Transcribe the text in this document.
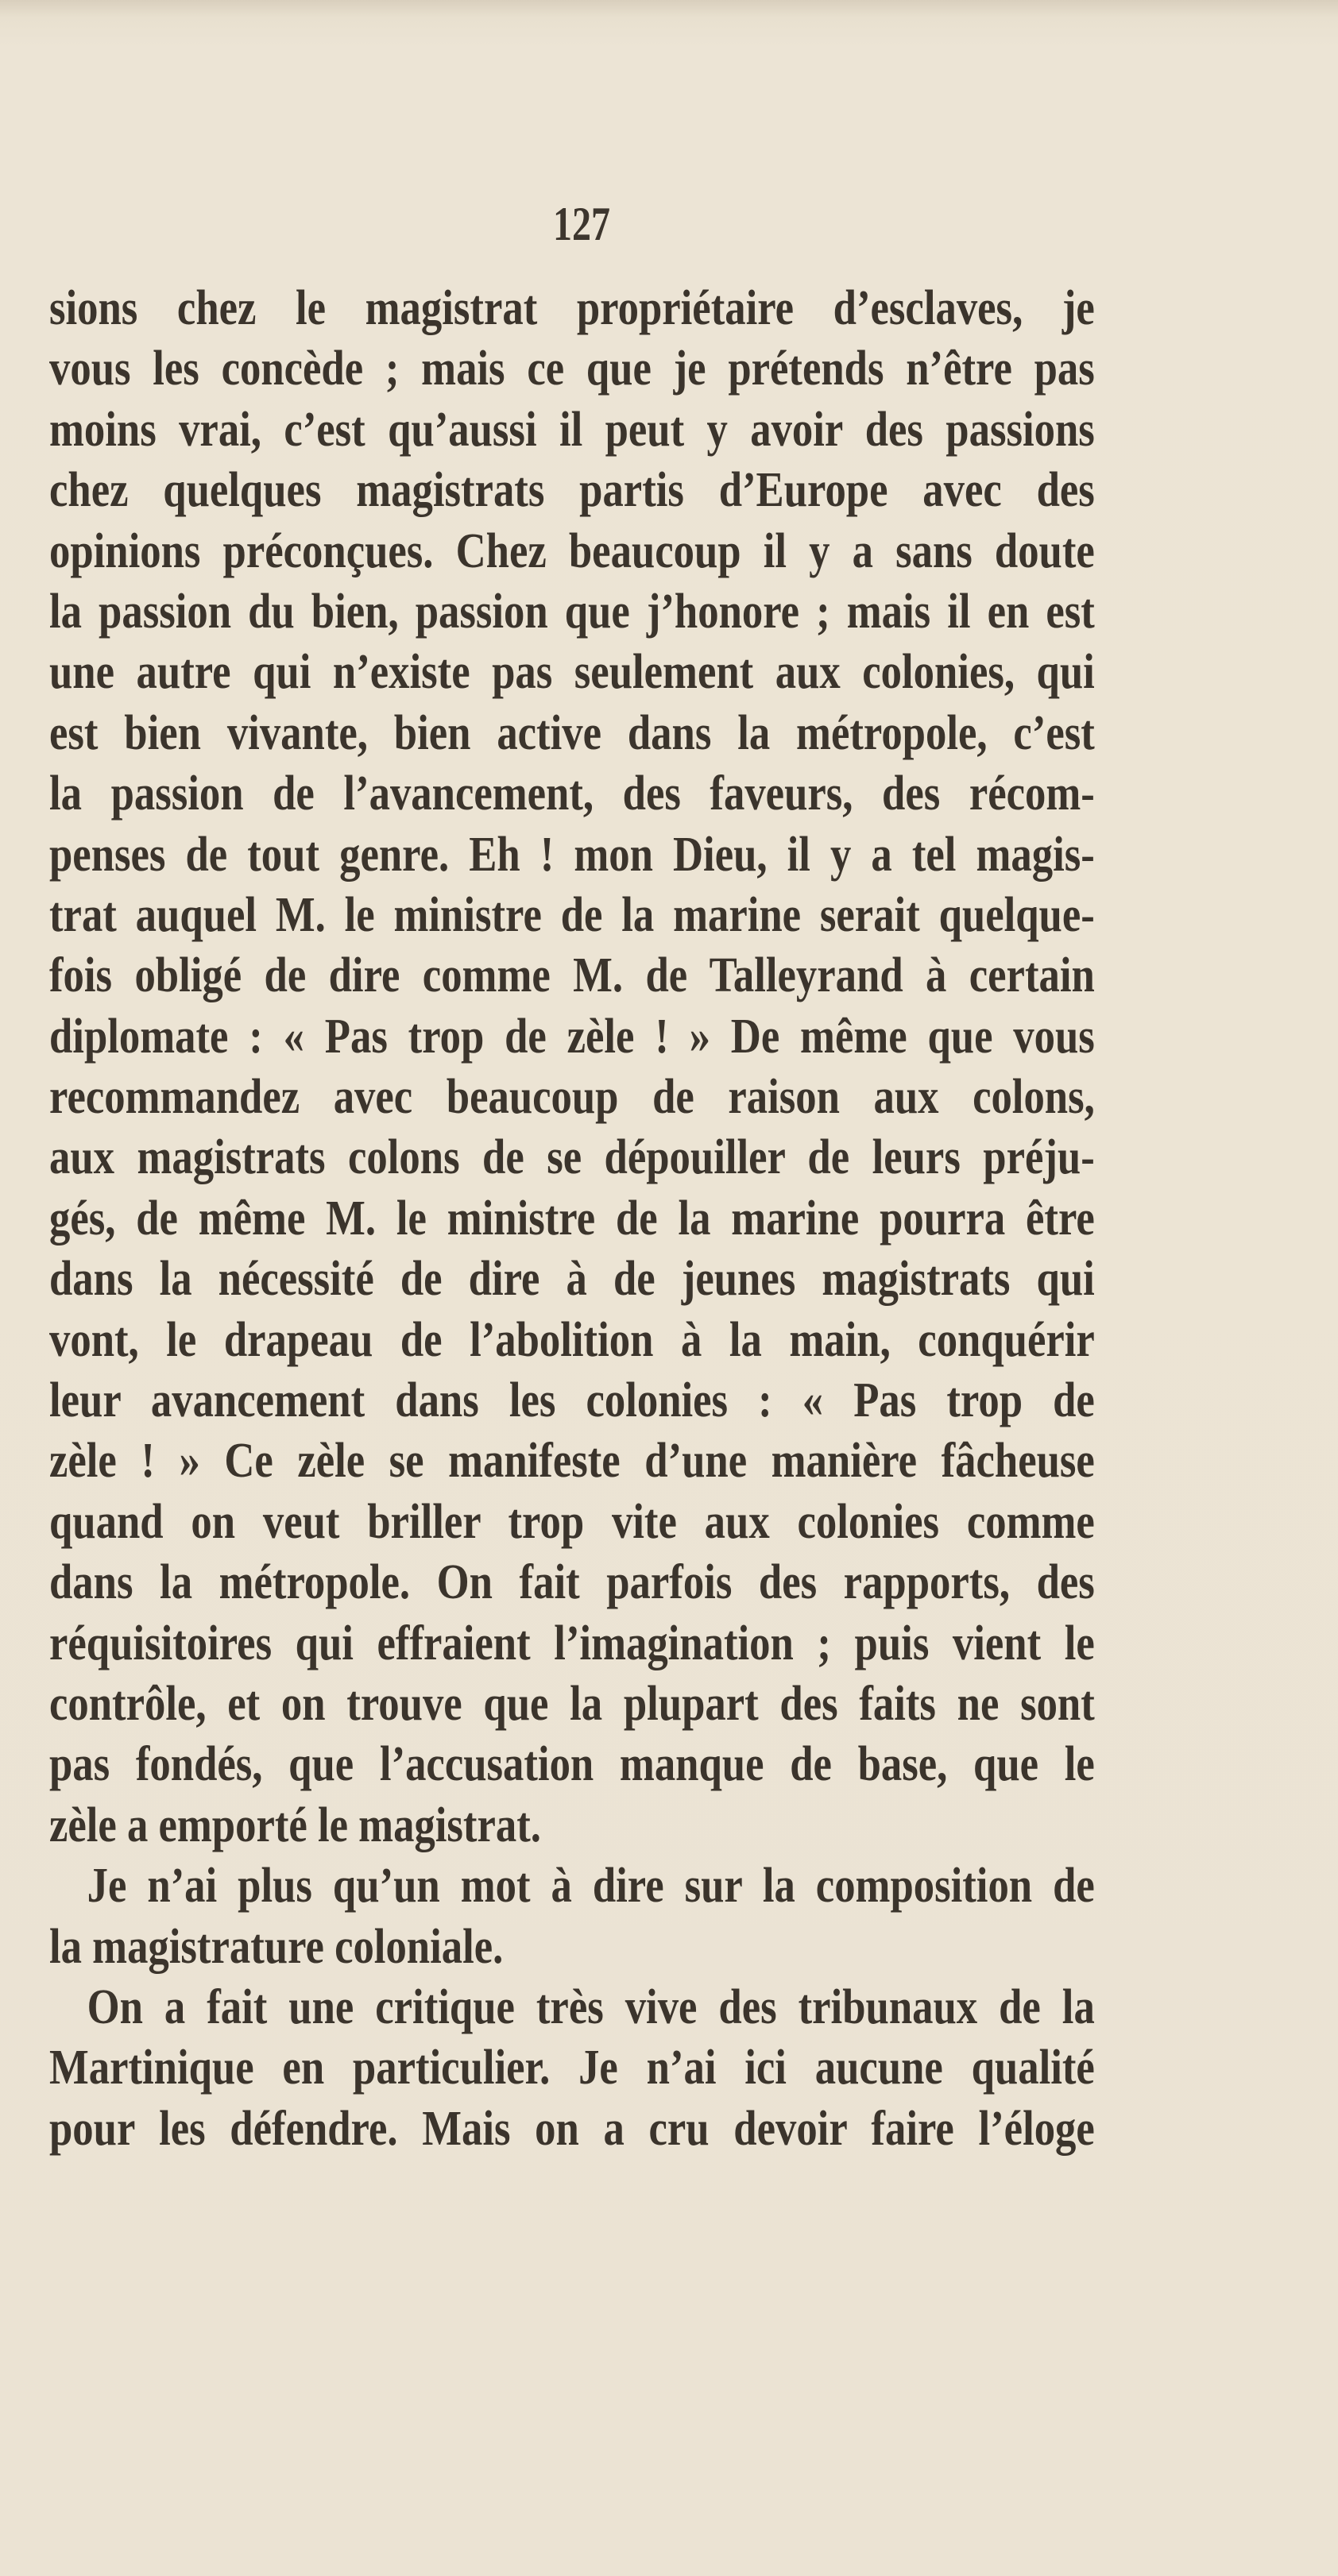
127
sions chez le magistrat propriétaire d’esclaves, je
vous les concède ; mais ce que je prétends n’être pas
moins vrai, c’est qu’aussi il peut y avoir des passions
chez quelques magistrats partis d’Europe avec des
opinions préconçues. Chez beaucoup il y a sans doute
la passion du bien, passion que j’honore ; mais il en est
une autre qui n’existe pas seulement aux colonies, qui
est bien vivante, bien active dans la métropole, c’est
la passion de l’avancement, des faveurs, des récom-
penses de tout genre. Eh ! mon Dieu, il y a tel magis-
trat auquel M. le ministre de la marine serait quelque-
fois obligé de dire comme M. de Talleyrand à certain
diplomate : « Pas trop de zèle ! » De même que vous
recommandez avec beaucoup de raison aux colons,
aux magistrats colons de se dépouiller de leurs préju-
gés, de même M. le ministre de la marine pourra être
dans la nécessité de dire à de jeunes magistrats qui
vont, le drapeau de l’abolition à la main, conquérir
leur avancement dans les colonies : « Pas trop de
zèle ! » Ce zèle se manifeste d’une manière fâcheuse
quand on veut briller trop vite aux colonies comme
dans la métropole. On fait parfois des rapports, des
réquisitoires qui effraient l’imagination ; puis vient le
contrôle, et on trouve que la plupart des faits ne sont
pas fondés, que l’accusation manque de base, que le
zèle a emporté le magistrat.
Je n’ai plus qu’un mot à dire sur la composition de
la magistrature coloniale.
On a fait une critique très vive des tribunaux de la
Martinique en particulier. Je n’ai ici aucune qualité
pour les défendre. Mais on a cru devoir faire l’éloge
